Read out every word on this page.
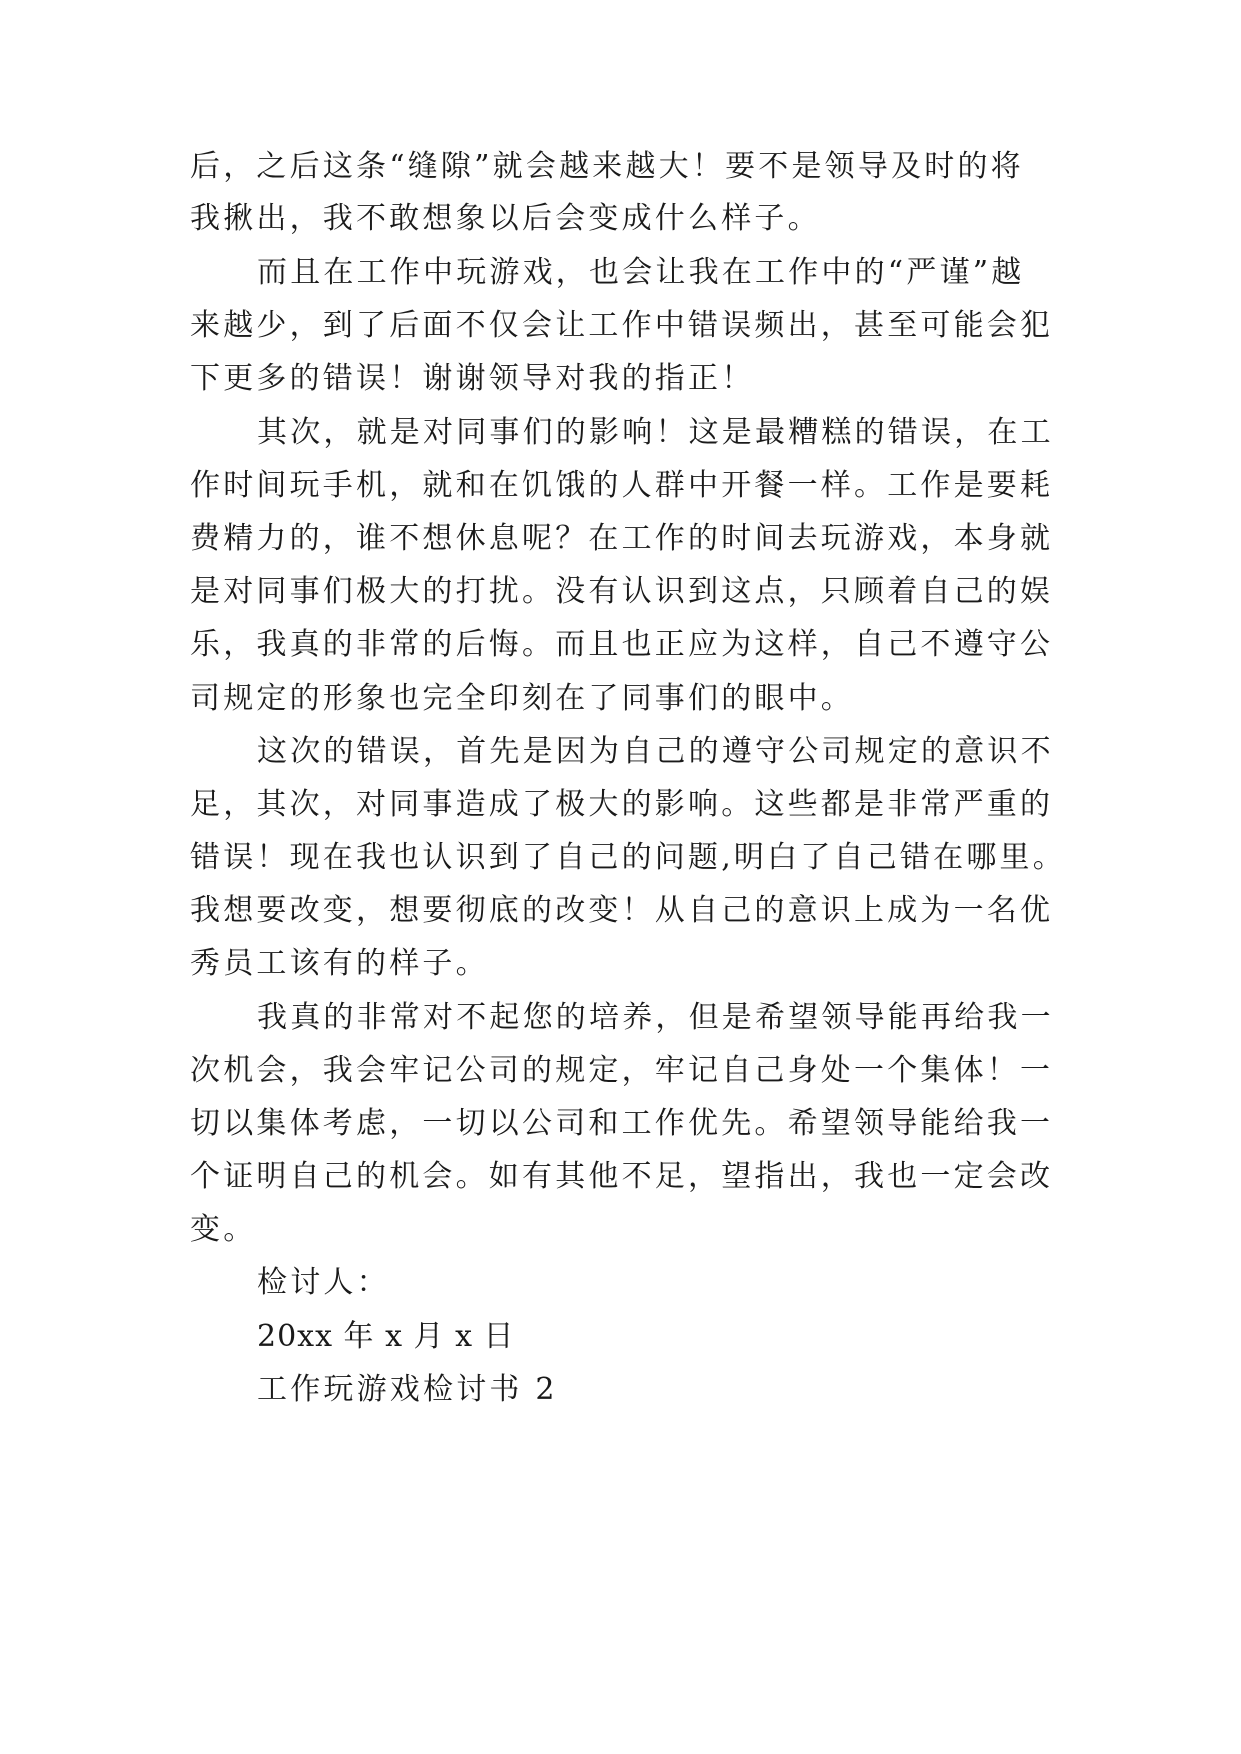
后，之后这条“缝隙”就会越来越大！要不是领导及时的将
我揪出，我不敢想象以后会变成什么样子。
而且在工作中玩游戏，也会让我在工作中的“严谨”越
来越少，到了后面不仅会让工作中错误频出，甚至可能会犯
下更多的错误！谢谢领导对我的指正！
其次，就是对同事们的影响！这是最糟糕的错误，在工
作时间玩手机，就和在饥饿的人群中开餐一样。工作是要耗
费精力的，谁不想休息呢？在工作的时间去玩游戏，本身就
是对同事们极大的打扰。没有认识到这点，只顾着自己的娱
乐，我真的非常的后悔。而且也正应为这样，自己不遵守公
司规定的形象也完全印刻在了同事们的眼中。
这次的错误，首先是因为自己的遵守公司规定的意识不
足，其次，对同事造成了极大的影响。这些都是非常严重的
错误！现在我也认识到了自己的问题,明白了自己错在哪里。
我想要改变，想要彻底的改变！从自己的意识上成为一名优
秀员工该有的样子。
我真的非常对不起您的培养，但是希望领导能再给我一
次机会，我会牢记公司的规定，牢记自己身处一个集体！一
切以集体考虑，一切以公司和工作优先。希望领导能给我一
个证明自己的机会。如有其他不足，望指出，我也一定会改
变。
检讨人：
20xx 年 x 月 x 日
工作玩游戏检讨书 2
